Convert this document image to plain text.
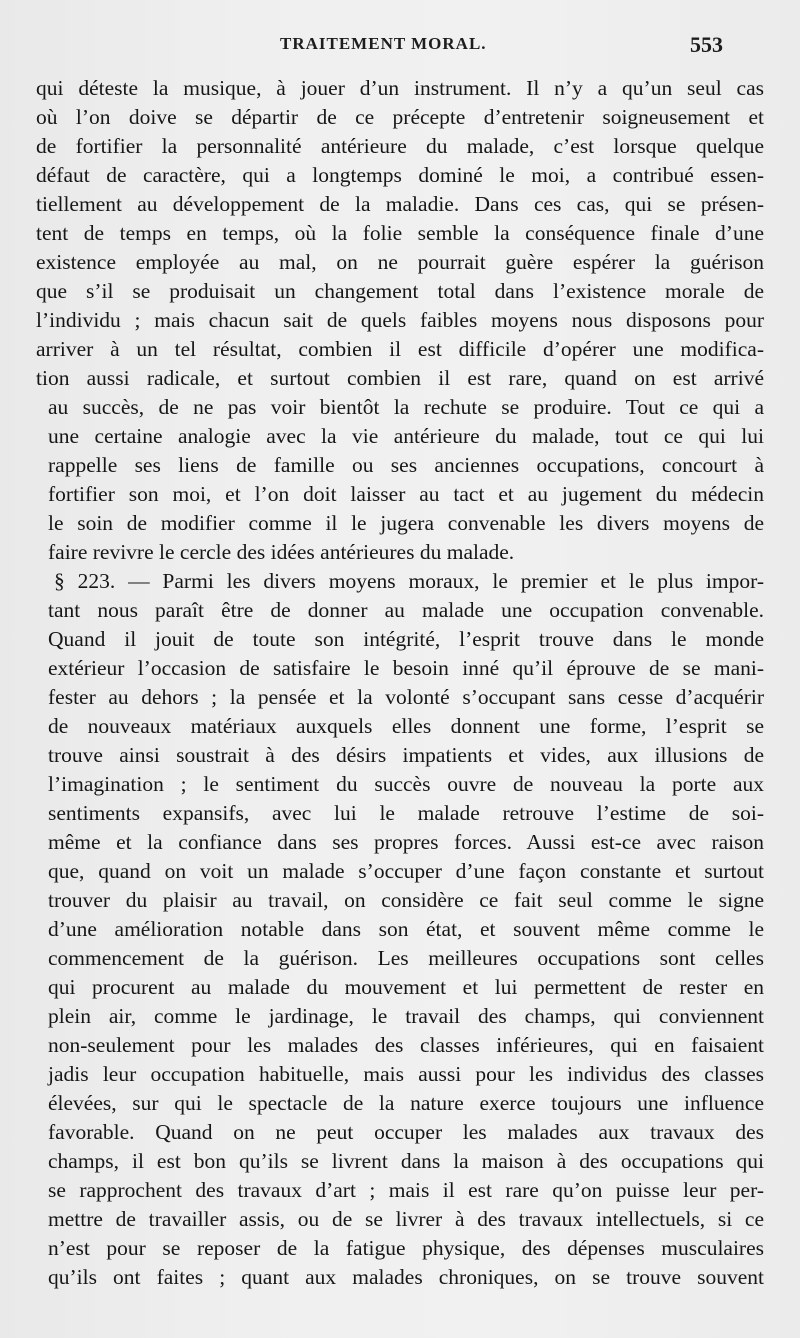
TRAITEMENT MORAL.	553
qui déteste la musique, à jouer d’un instrument. Il n’y a qu’un seul cas
où l’on doive se départir de ce précepte d’entretenir soigneusement et
de fortifier la personnalité antérieure du malade, c’est lorsque quelque
défaut de caractère, qui a longtemps dominé le moi, a contribué essen-
tiellement au développement de la maladie. Dans ces cas, qui se présen-
tent de temps en temps, où la folie semble la conséquence finale d’une
existence employée au mal, on ne pourrait guère espérer la guérison
que s’il se produisait un changement total dans l’existence morale de
l’individu ; mais chacun sait de quels faibles moyens nous disposons pour
arriver à un tel résultat, combien il est difficile d’opérer une modifica-
tion aussi radicale, et surtout combien il est rare, quand on est arrivé
au succès, de ne pas voir bientôt la rechute se produire. Tout ce qui a
une certaine analogie avec la vie antérieure du malade, tout ce qui lui
rappelle ses liens de famille ou ses anciennes occupations, concourt à
fortifier son moi, et l’on doit laisser au tact et au jugement du médecin
le soin de modifier comme il le jugera convenable les divers moyens de
faire revivre le cercle des idées antérieures du malade.
§ 223. — Parmi les divers moyens moraux, le premier et le plus impor-
tant nous paraît être de donner au malade une occupation convenable.
Quand il jouit de toute son intégrité, l’esprit trouve dans le monde
extérieur l’occasion de satisfaire le besoin inné qu’il éprouve de se mani-
fester au dehors ; la pensée et la volonté s’occupant sans cesse d’acquérir
de nouveaux matériaux auxquels elles donnent une forme, l’esprit se
trouve ainsi soustrait à des désirs impatients et vides, aux illusions de
l’imagination ; le sentiment du succès ouvre de nouveau la porte aux
sentiments expansifs, avec lui le malade retrouve l’estime de soi-
même et la confiance dans ses propres forces. Aussi est-ce avec raison
que, quand on voit un malade s’occuper d’une façon constante et surtout
trouver du plaisir au travail, on considère ce fait seul comme le signe
d’une amélioration notable dans son état, et souvent même comme le
commencement de la guérison. Les meilleures occupations sont celles
qui procurent au malade du mouvement et lui permettent de rester en
plein air, comme le jardinage, le travail des champs, qui conviennent
non-seulement pour les malades des classes inférieures, qui en faisaient
jadis leur occupation habituelle, mais aussi pour les individus des classes
élevées, sur qui le spectacle de la nature exerce toujours une influence
favorable. Quand on ne peut occuper les malades aux travaux des
champs, il est bon qu’ils se livrent dans la maison à des occupations qui
se rapprochent des travaux d’art ; mais il est rare qu’on puisse leur per-
mettre de travailler assis, ou de se livrer à des travaux intellectuels, si ce
n’est pour se reposer de la fatigue physique, des dépenses musculaires
qu’ils ont faites ; quant aux malades chroniques, on se trouve souvent
